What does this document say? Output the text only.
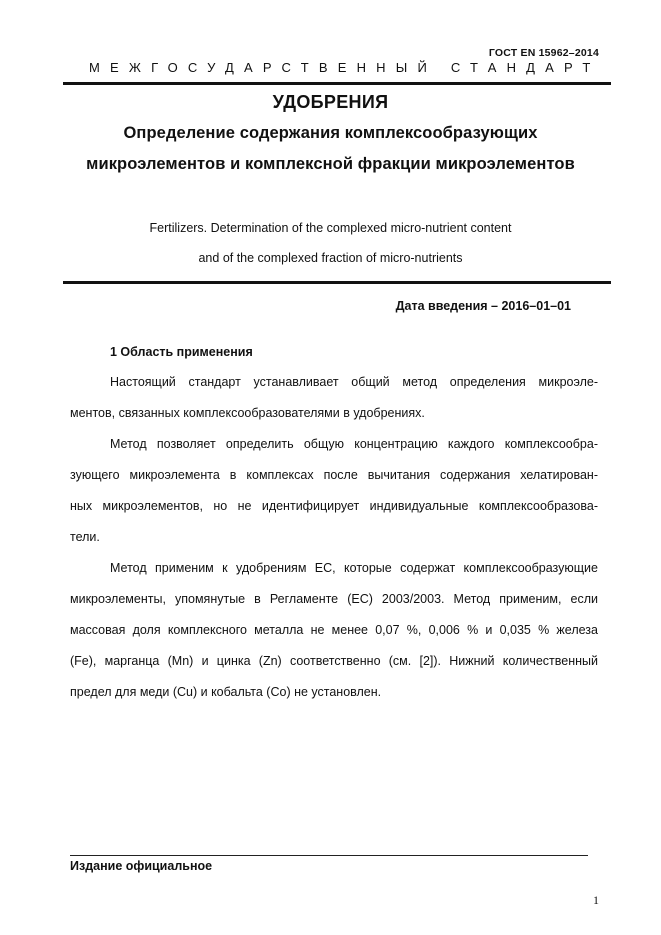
ГОСТ EN 15962–2014
МЕЖГОСУДАРСТВЕННЫЙ СТАНДАРТ
УДОБРЕНИЯ
Определение содержания комплексообразующих
микроэлементов и комплексной фракции микроэлементов
Fertilizers. Determination of the complexed micro-nutrient content
and of the complexed fraction of micro-nutrients
Дата введения – 2016–01–01
1 Область применения
Настоящий стандарт устанавливает общий метод определения микроэле-
ментов, связанных комплексообразователями в удобрениях.
Метод позволяет определить общую концентрацию каждого комплексообра-
зующего микроэлемента в комплексах после вычитания содержания хелатирован-
ных микроэлементов, но не идентифицирует индивидуальные комплексообразова-
тели.
Метод применим к удобрениям ЕС, которые содержат комплексообразующие
микроэлементы, упомянутые в Регламенте (ЕС) 2003/2003. Метод применим, если
массовая доля комплексного металла не менее 0,07 %, 0,006 % и 0,035 % железа
(Fe), марганца (Mn) и цинка (Zn) соответственно (см. [2]). Нижний количественный
предел для меди (Cu) и кобальта (Со) не установлен.
Издание официальное
1
